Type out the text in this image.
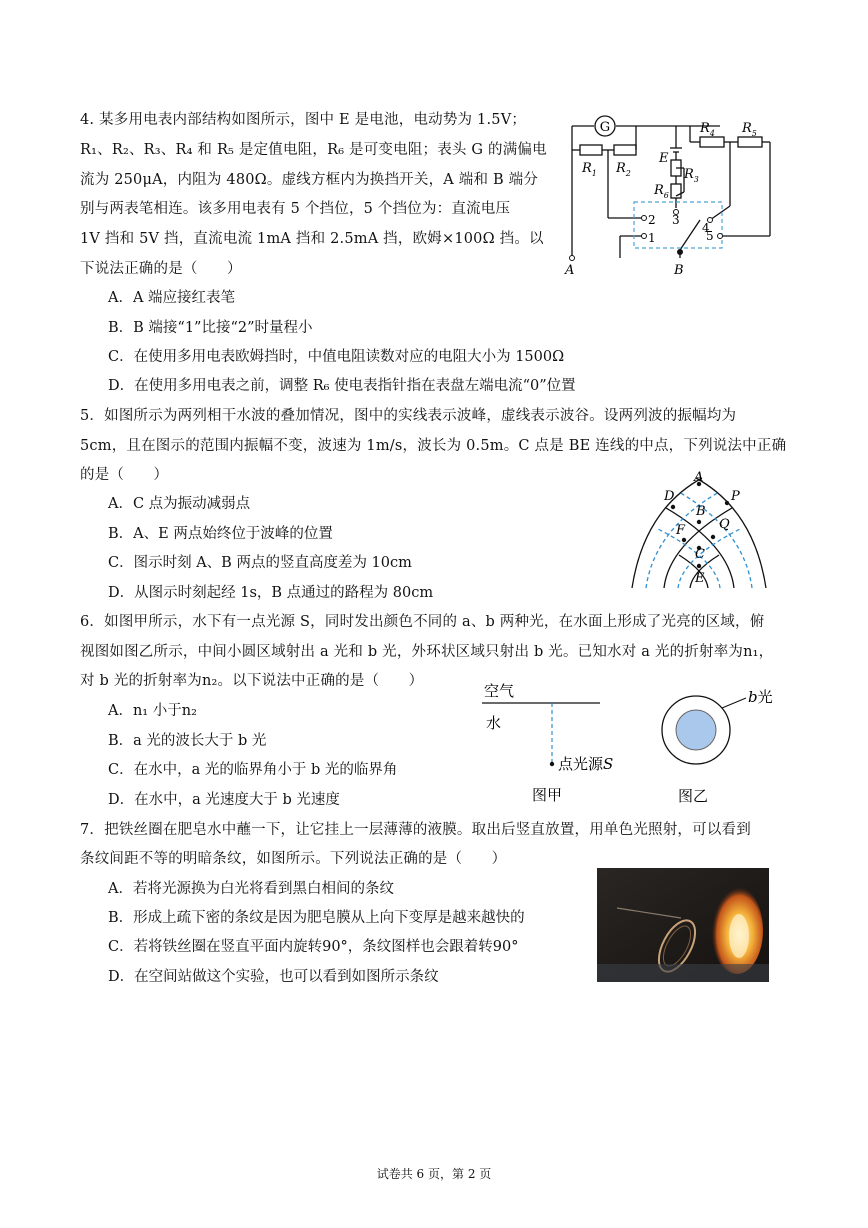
4. 某多用电表内部结构如图所示，图中 E 是电池，电动势为 1.5V；
R₁、R₂、R₃、R₄ 和 R₅ 是定值电阻，R₆ 是可变电阻；表头 G 的满偏电
流为 250μA，内阻为 480Ω。虚线方框内为换挡开关，A 端和 B 端分
别与两表笔相连。该多用电表有 5 个挡位，5 个挡位为：直流电压
1V 挡和 5V 挡，直流电流 1mA 挡和 2.5mA 挡，欧姆×100Ω 挡。以
下说法正确的是（　　）
A．A 端应接红表笔
B．B 端接“1”比接“2”时量程小
C．在使用多用电表欧姆挡时，中值电阻读数对应的电阻大小为 1500Ω
D．在使用多用电表之前，调整 R₆ 使电表指针指在表盘左端电流“0”位置
G	$R_4$ $R_5$
$R_1$ $R_2$
E
$R_3$
$R_6$
A	B
2
1
3
4
5
5．如图所示为两列相干水波的叠加情况，图中的实线表示波峰，虚线表示波谷。设两列波的振幅均为
5cm，且在图示的范围内振幅不变，波速为 1m/s，波长为 0.5m。C 点是 BE 连线的中点，下列说法中正确
的是（　　）
A．C 点为振动减弱点
B．A、E 两点始终位于波峰的位置
C．图示时刻 A、B 两点的竖直高度差为 10cm
D．从图示时刻起经 1s，B 点通过的路程为 80cm
A
D	P
B
F	Q
C
E
6．如图甲所示，水下有一点光源 S，同时发出颜色不同的 a、b 两种光，在水面上形成了光亮的区域，俯
视图如图乙所示，中间小圆区域射出 a 光和 b 光，外环状区域只射出 b 光。已知水对 a 光的折射率为n₁，
对 b 光的折射率为n₂。以下说法中正确的是（　　）
A．n₁ 小于n₂
B．a 光的波长大于 b 光
C．在水中，a 光的临界角小于 b 光的临界角
D．在水中，a 光速度大于 b 光速度
空气
水
点光源S
图甲
b光
图乙
7．把铁丝圈在肥皂水中蘸一下，让它挂上一层薄薄的液膜。取出后竖直放置，用单色光照射，可以看到
条纹间距不等的明暗条纹，如图所示。下列说法正确的是（　　）
A．若将光源换为白光将看到黑白相间的条纹
B．形成上疏下密的条纹是因为肥皂膜从上向下变厚是越来越快的
C．若将铁丝圈在竖直平面内旋转90°，条纹图样也会跟着转90°
D．在空间站做这个实验，也可以看到如图所示条纹
试卷共 6 页，第 2 页
